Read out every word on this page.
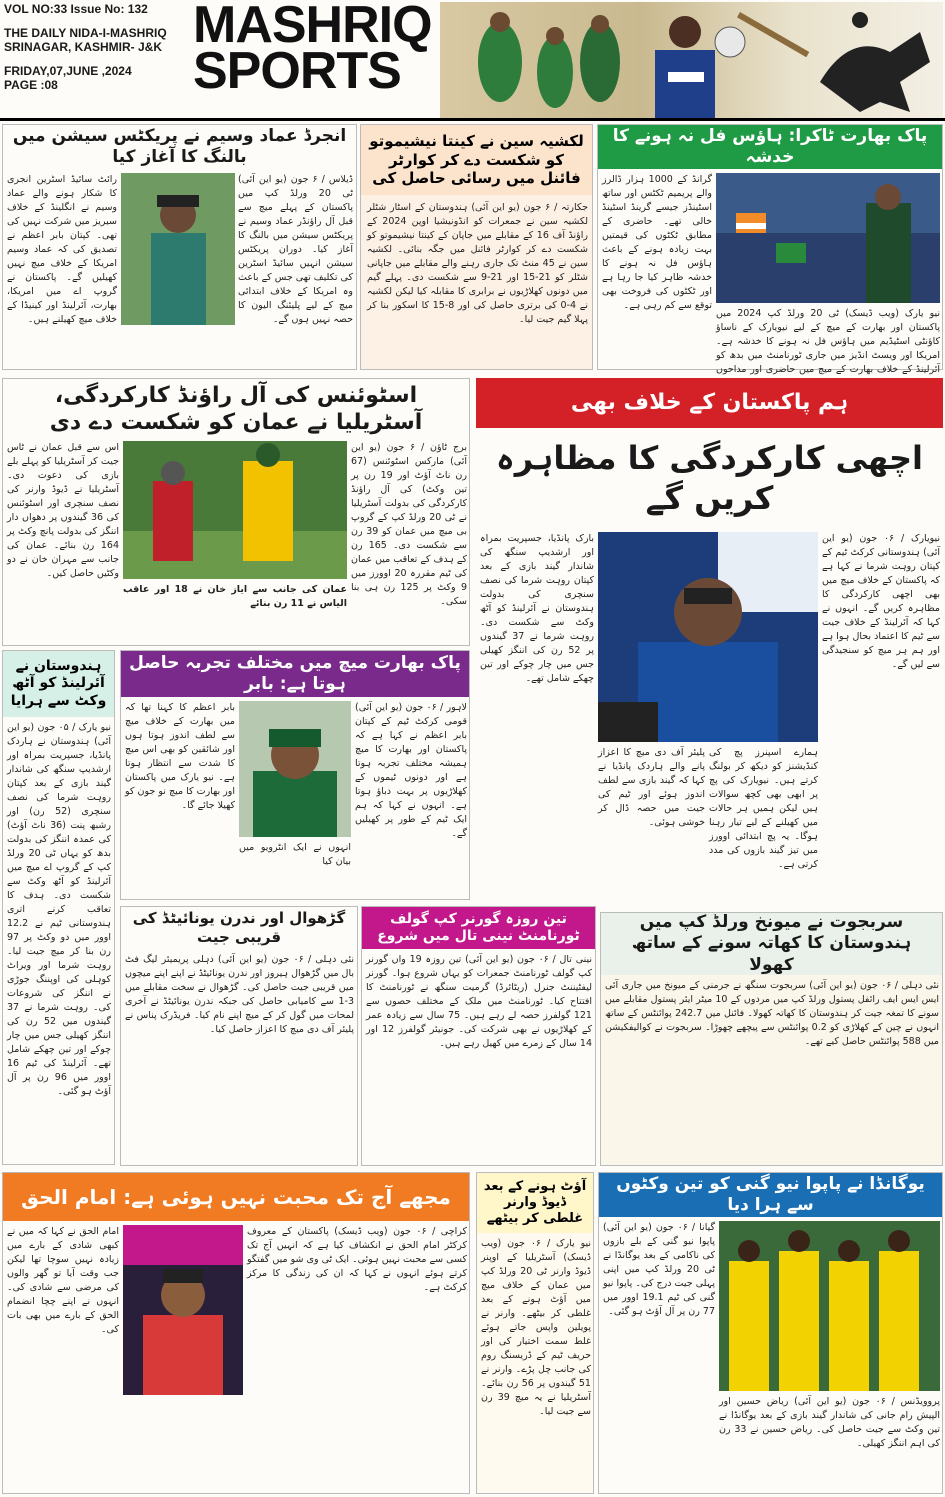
VOL NO:33 Issue No: 132
THE DAILY NIDA-I-MASHRIQ
SRINAGAR, KASHMIR- J&K
FRIDAY,07,JUNE ,2024
PAGE :08
MASHRIQ
SPORTS
انجرڈ عماد وسیم نے پریکٹس سیشن میں بالنگ کا آغاز کیا
ڈیلاس / ۶ جون (یو این آئی) ٹی 20 ورلڈ کپ میں پاکستان کے پہلے میچ سے قبل آل راؤنڈر عماد وسیم نے پریکٹس سیشن میں بالنگ کا آغاز کیا۔ دوران پریکٹس سیشن انہیں سائیڈ اسٹرین کی تکلیف تھی جس کے باعث وہ امریکا کے خلاف ابتدائی میچ کے لیے پلیئنگ الیون کا حصہ نہیں ہوں گے۔
رائٹ سائیڈ اسٹرین انجری کا شکار ہونے والے عماد وسیم نے انگلینڈ کے خلاف سیریز میں شرکت نہیں کی تھی۔ کپتان بابر اعظم نے تصدیق کی کہ عماد وسیم امریکا کے خلاف میچ نہیں کھیلیں گے۔ پاکستان نے گروپ اے میں امریکا، بھارت، آئرلینڈ اور کینیڈا کے خلاف میچ کھیلنے ہیں۔
لکشیہ سین نے کینتا نیشیموتو کو شکست دے کر کوارٹر فائنل میں رسائی حاصل کی
جکارتہ / ۶ جون (یو این آئی) ہندوستان کے اسٹار شٹلر لکشیہ سین نے جمعرات کو انڈونیشیا اوپن 2024 کے راؤنڈ آف 16 کے مقابلے میں جاپان کے کینتا نیشیموتو کو شکست دے کر کوارٹر فائنل میں جگہ بنائی۔ لکشیہ سین نے 45 منٹ تک جاری رہنے والے مقابلے میں جاپانی شٹلر کو 21-15 اور 21-9 سے شکست دی۔ پہلے گیم میں دونوں کھلاڑیوں نے برابری کا مقابلہ کیا لیکن لکشیہ نے 4-0 کی برتری حاصل کی اور 8-15 کا اسکور بنا کر پہلا گیم جیت لیا۔
پاک بھارت ٹاکرا: ہاؤس فل نہ ہونے کا خدشہ
گرانڈ کے 1000 ہزار ڈالرز والے پریمیم ٹکٹس اور ساتھ اسٹینڈز جیسے گرینڈ اسٹینڈ خالی تھے۔ حاضری کے مطابق ٹکٹوں کی قیمتیں بہت زیادہ ہونے کے باعث ہاؤس فل نہ ہونے کا خدشہ ظاہر کیا جا رہا ہے اور ٹکٹوں کی فروخت بھی توقع سے کم رہی ہے۔
نیو یارک (ویب ڈیسک) ٹی 20 ورلڈ کپ 2024 میں پاکستان اور بھارت کے میچ کے لیے نیویارک کے ناساؤ کاؤنٹی اسٹیڈیم میں ہاؤس فل نہ ہونے کا خدشہ ہے۔ امریکا اور ویسٹ انڈیز میں جاری ٹورنامنٹ میں بدھ کو آئرلینڈ کے خلاف بھارت کے میچ میں حاضری اور مداحوں
اسٹوئنس کی آل راؤنڈ کارکردگی، آسٹریلیا نے عمان کو شکست دے دی
برج ٹاؤن / ۶ جون (یو این آئی) مارکس اسٹوئنس (67 رن ناٹ آؤٹ اور 19 رن پر تین وکٹ) کی آل راؤنڈ کارکردگی کی بدولت آسٹریلیا نے ٹی 20 ورلڈ کپ کے گروپ بی میچ میں عمان کو 39 رن سے شکست دی۔ 165 رن کے ہدف کے تعاقب میں عمان کی ٹیم مقررہ 20 اوورز میں 9 وکٹ پر 125 رن ہی بنا سکی۔
عمان کی جانب سے ایاز خان نے 18 اور عاقب الیاس نے 11 رن بنائے
اس سے قبل عمان نے ٹاس جیت کر آسٹریلیا کو پہلے بلے بازی کی دعوت دی۔ آسٹریلیا نے ڈیوڈ وارنر کی نصف سنچری اور اسٹوئنس کی 36 گیندوں پر دھواں دار اننگز کی بدولت پانچ وکٹ پر 164 رن بنائے۔ عمان کی جانب سے مہران خان نے دو وکٹیں حاصل کیں۔
ہم پاکستان کے خلاف بھی
اچھی کارکردگی کا مظاہرہ کریں گے
نیویارک / ۰۶ جون (یو این آئی) ہندوستانی کرکٹ ٹیم کے کپتان روہت شرما نے کہا ہے کہ پاکستان کے خلاف میچ میں بھی اچھی کارکردگی کا مظاہرہ کریں گے۔ انہوں نے کہا کہ آئرلینڈ کے خلاف جیت سے ٹیم کا اعتماد بحال ہوا ہے اور ہم ہر میچ کو سنجیدگی سے لیں گے۔
بارک پانڈیا، جسپریت بمراہ اور ارشدیپ سنگھ کی شاندار گیند بازی کے بعد کپتان روہت شرما کی نصف سنچری کی بدولت ہندوستان نے آئرلینڈ کو آٹھ وکٹ سے شکست دی۔ روہت شرما نے 37 گیندوں پر 52 رن کی اننگز کھیلی جس میں چار چوکے اور تین چھکے شامل تھے۔
ہمارے اسپنرز پچ کی کنڈیشنز کو دیکھ کر بولنگ کرتے ہیں۔ نیویارک کی پچ پر ابھی بھی کچھ سوالات ہیں لیکن ہمیں ہر حالات میں کھیلنے کے لیے تیار رہنا ہوگا۔ یہ پچ ابتدائی اوورز میں تیز گیند بازوں کی مدد کرتی ہے۔
پلیئر آف دی میچ کا اعزاز پانے والے ہاردک پانڈیا نے کہا کہ گیند بازی سے لطف اندوز ہوئے اور ٹیم کی جیت میں حصہ ڈال کر خوشی ہوئی۔
ہندوستان نے آئرلینڈ کو آٹھ وکٹ سے ہرایا
نیو یارک / ۰۵ جون (یو این آئی) ہندوستان نے ہاردک پانڈیا، جسپریت بمراہ اور ارشدیپ سنگھ کی شاندار گیند بازی کے بعد کپتان روہت شرما کی نصف سنچری (52 رن) اور رشبھ پنت (36 ناٹ آؤٹ) کی عمدہ اننگز کی بدولت بدھ کو یہاں ٹی 20 ورلڈ کپ کے گروپ اے میچ میں آئرلینڈ کو آٹھ وکٹ سے شکست دی۔ ہدف کا تعاقب کرنے اتری ہندوستانی ٹیم نے 12.2 اوور میں دو وکٹ پر 97 رن بنا کر میچ جیت لیا۔ روہت شرما اور ویراٹ کوہلی کی اوپننگ جوڑی نے اننگز کی شروعات کی۔ روہت شرما نے 37 گیندوں میں 52 رن کی اننگز کھیلی جس میں چار چوکے اور تین چھکے شامل تھے۔ آئرلینڈ کی ٹیم 16 اوور میں 96 رن پر آل آؤٹ ہو گئی۔
پاک بھارت میچ میں مختلف تجربہ حاصل ہوتا ہے: بابر
لاہور / ۰۶ جون (یو این آئی) قومی کرکٹ ٹیم کے کپتان بابر اعظم نے کہا ہے کہ پاکستان اور بھارت کا میچ ہمیشہ مختلف تجربہ ہوتا ہے اور دونوں ٹیموں کے کھلاڑیوں پر بہت دباؤ ہوتا ہے۔ انہوں نے کہا کہ ہم ایک ٹیم کے طور پر کھیلیں گے۔
انہوں نے ایک انٹرویو میں بیان کیا
بابر اعظم کا کہنا تھا کہ میں بھارت کے خلاف میچ سے لطف اندوز ہوتا ہوں اور شائقین کو بھی اس میچ کا شدت سے انتظار ہوتا ہے۔ نیو یارک میں پاکستان اور بھارت کا میچ نو جون کو کھیلا جائے گا۔
گڑھوال اور ندرن یونائیٹڈ کی قریبی جیت
نئی دہلی / ۰۶ جون (یو این آئی) دہلی پریمیئر لیگ فٹ بال میں گڑھوال ہیروز اور ندرن یونائیٹڈ نے اپنے اپنے میچوں میں قریبی جیت حاصل کی۔ گڑھوال نے سخت مقابلے میں 3-1 سے کامیابی حاصل کی جبکہ ندرن یونائیٹڈ نے آخری لمحات میں گول کر کے میچ اپنے نام کیا۔ فریڈرک پناس نے پلیئر آف دی میچ کا اعزاز حاصل کیا۔
تین روزہ گورنر کپ گولف ٹورنامنٹ نینی تال میں شروع
نینی تال / ۰۶ جون (یو این آئی) تین روزہ 19 واں گورنر کپ گولف ٹورنامنٹ جمعرات کو یہاں شروع ہوا۔ گورنر لیفٹیننٹ جنرل (ریٹائرڈ) گرمیت سنگھ نے ٹورنامنٹ کا افتتاح کیا۔ ٹورنامنٹ میں ملک کے مختلف حصوں سے 121 گولفرز حصہ لے رہے ہیں۔ 75 سال سے زیادہ عمر کے کھلاڑیوں نے بھی شرکت کی۔ جونیئر گولفرز 12 اور 14 سال کے زمرے میں کھیل رہے ہیں۔
سربجوت نے میونخ ورلڈ کپ میں ہندوستان کا کھاتہ سونے کے ساتھ کھولا
نئی دہلی / ۰۶ جون (یو این آئی) سربجوت سنگھ نے جرمنی کے میونخ میں جاری آئی ایس ایس ایف رائفل پستول ورلڈ کپ میں مردوں کے 10 میٹر ایئر پستول مقابلے میں سونے کا تمغہ جیت کر ہندوستان کا کھاتہ کھولا۔ فائنل میں 242.7 پوائنٹس کے ساتھ انہوں نے چین کے کھلاڑی کو 0.2 پوائنٹس سے پیچھے چھوڑا۔ سربجوت نے کوالیفکیشن میں 588 پوائنٹس حاصل کیے تھے۔
مجھے آج تک محبت نہیں ہوئی ہے: امام الحق
کراچی / ۰۶ جون (ویب ڈیسک) پاکستان کے معروف کرکٹر امام الحق نے انکشاف کیا ہے کہ انہیں آج تک کسی سے محبت نہیں ہوئی۔ ایک ٹی وی شو میں گفتگو کرتے ہوئے انہوں نے کہا کہ ان کی زندگی کا مرکز کرکٹ ہے۔
امام الحق نے کہا کہ میں نے کبھی شادی کے بارے میں زیادہ نہیں سوچا تھا لیکن جب وقت آیا تو گھر والوں کی مرضی سے شادی کی۔ انہوں نے اپنے چچا انضمام الحق کے بارے میں بھی بات کی۔
آؤٹ ہونے کے بعد ڈیوڈ وارنر غلطی کر بیٹھے
نیو یارک / ۰۶ جون (ویب ڈیسک) آسٹریلیا کے اوپنر ڈیوڈ وارنر ٹی 20 ورلڈ کپ میں عمان کے خلاف میچ میں آؤٹ ہونے کے بعد غلطی کر بیٹھے۔ وارنر نے پویلین واپس جاتے ہوئے غلط سمت اختیار کی اور حریف ٹیم کے ڈریسنگ روم کی جانب چل پڑے۔ وارنر نے 51 گیندوں پر 56 رن بنائے۔ آسٹریلیا نے یہ میچ 39 رن سے جیت لیا۔
یوگانڈا نے پاپوا نیو گنی کو تین وکٹوں سے ہرا دیا
گیانا / ۰۶ جون (یو این آئی) پاپوا نیو گنی کے بلے بازوں کی ناکامی کے بعد یوگانڈا نے ٹی 20 ورلڈ کپ میں اپنی پہلی جیت درج کی۔ پاپوا نیو گنی کی ٹیم 19.1 اوور میں 77 رن پر آل آؤٹ ہو گئی۔
پروویڈنس / ۰۶ جون (یو این آئی) ریاض حسین اور الپیش رام جانی کی شاندار گیند بازی کے بعد یوگانڈا نے تین وکٹ سے جیت حاصل کی۔ ریاض حسین نے 33 رن کی اہم اننگز کھیلی۔
